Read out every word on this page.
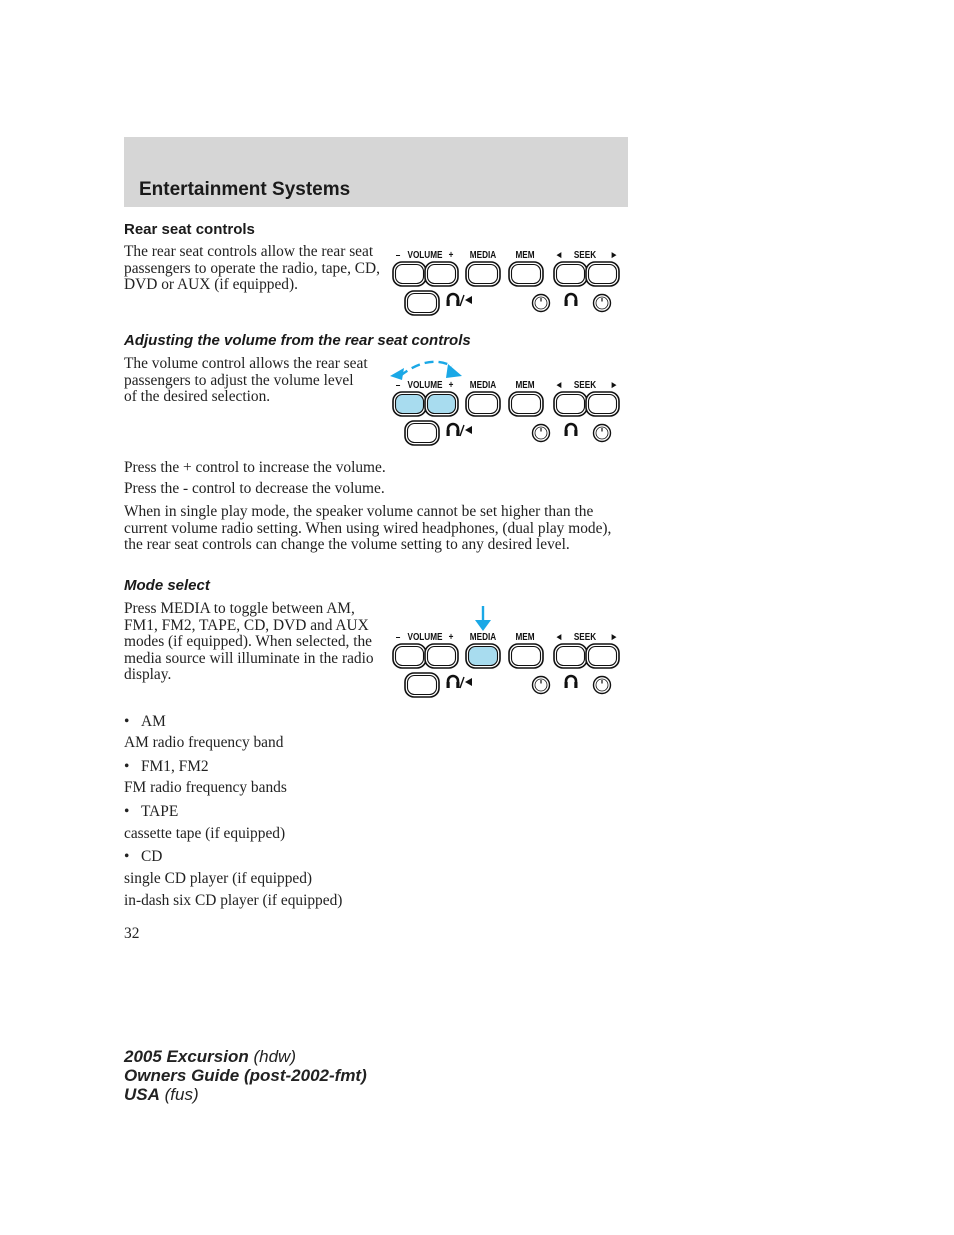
Entertainment Systems
Rear seat controls

The rear seat controls allow the rear seat passengers to operate the radio, tape, CD, DVD or AUX (if equipped).

Adjusting the volume from the rear seat controls

The volume control allows the rear seat passengers to adjust the volume level of the desired selection.

Press the + control to increase the volume.

Press the - control to decrease the volume.

When in single play mode, the speaker volume cannot be set higher than the current volume radio setting. When using wired headphones, (dual play mode), the rear seat controls can change the volume setting to any desired level.

Mode select

Press MEDIA to toggle between AM, FM1, FM2, TAPE, CD, DVD and AUX modes (if equipped). When selected, the media source will illuminate in the radio display.

• AM

AM radio frequency band

• FM1, FM2

FM radio frequency bands

• TAPE

cassette tape (if equipped)

• CD

single CD player (if equipped)

in-dash six CD player (if equipped)

32

2005 Excursion (hdw)
Owners Guide (post-2002-fmt)
USA (fus)
– VOLUME + MEDIA MEM ◄ SEEK ►
– VOLUME + MEDIA MEM ◄ SEEK ►
– VOLUME + MEDIA MEM ◄ SEEK ►
